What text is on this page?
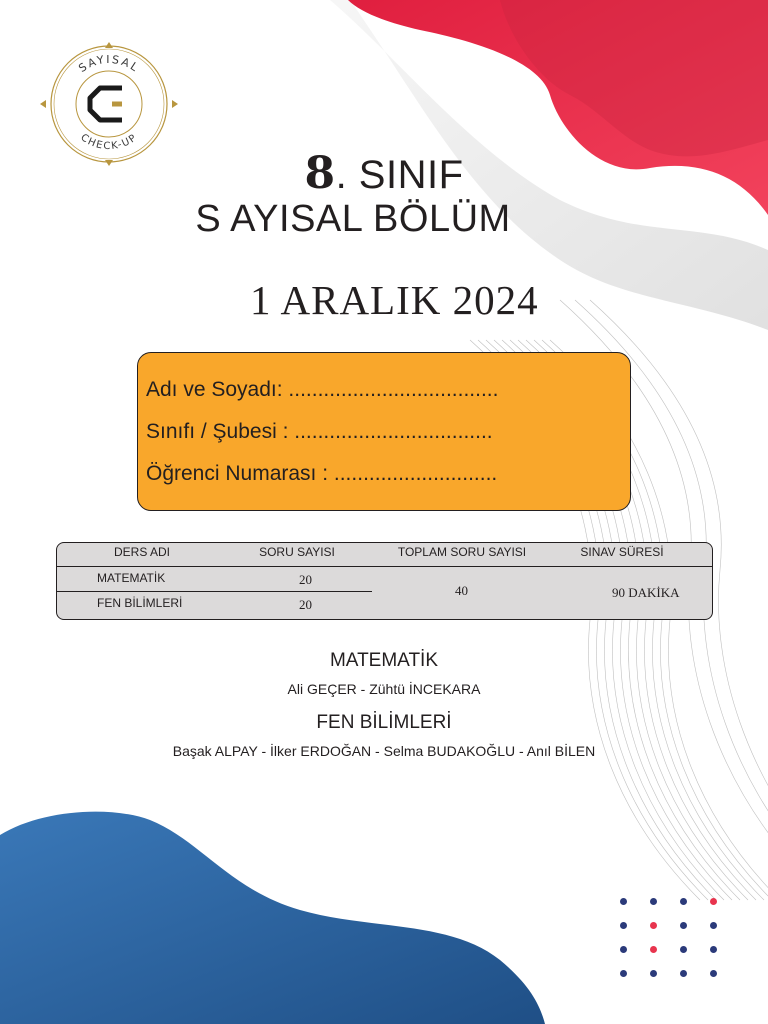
SAYISAL
CHECK-UP
8. SINIF
S AYISAL BÖLÜM
1 ARALIK 2024
Adı ve Soyadı: ....................................
Sınıfı / Şubesi : ..................................
Öğrenci Numarası : ............................
DERS ADI	SORU SAYISI	TOPLAM SORU SAYISI	SINAV SÜRESİ
MATEMATİK	20
FEN BİLİMLERİ	20
40	90 DAKİKA
MATEMATİK
Ali GEÇER - Zühtü İNCEKARA
FEN BİLİMLERİ
Başak ALPAY - İlker ERDOĞAN - Selma BUDAKOĞLU - Anıl BİLEN
